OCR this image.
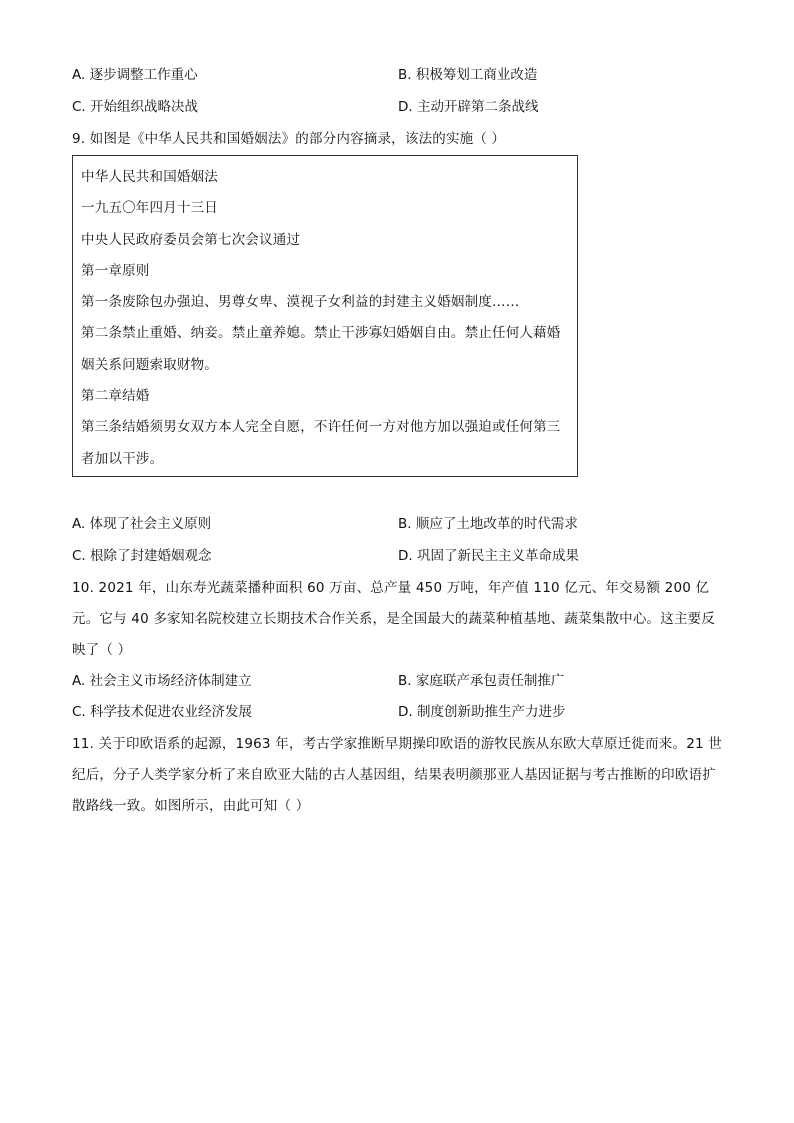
A. 逐步调整工作重心	B. 积极筹划工商业改造
C. 开始组织战略决战	D. 主动开辟第二条战线
9. 如图是《中华人民共和国婚姻法》的部分内容摘录，该法的实施（ ）
中华人民共和国婚姻法
一九五〇年四月十三日
中央人民政府委员会第七次会议通过
第一章原则
第一条废除包办强迫、男尊女卑、漠视子女利益的封建主义婚姻制度……
第二条禁止重婚、纳妾。禁止童养媳。禁止干涉寡妇婚姻自由。禁止任何人藉婚姻关系问题索取财物。
第二章结婚
第三条结婚须男女双方本人完全自愿，不许任何一方对他方加以强迫或任何第三者加以干涉。
A. 体现了社会主义原则	B. 顺应了土地改革的时代需求
C. 根除了封建婚姻观念	D. 巩固了新民主主义革命成果
10. 2021 年，山东寿光蔬菜播种面积 60 万亩、总产量 450 万吨，年产值 110 亿元、年交易额 200 亿元。它与 40 多家知名院校建立长期技术合作关系，是全国最大的蔬菜种植基地、蔬菜集散中心。这主要反映了（ ）
A. 社会主义市场经济体制建立	B. 家庭联产承包责任制推广
C. 科学技术促进农业经济发展	D. 制度创新助推生产力进步
11. 关于印欧语系的起源，1963 年，考古学家推断早期操印欧语的游牧民族从东欧大草原迁徙而来。21 世纪后，分子人类学家分析了来自欧亚大陆的古人基因组，结果表明颜那亚人基因证据与考古推断的印欧语扩散路线一致。如图所示，由此可知（ ）
